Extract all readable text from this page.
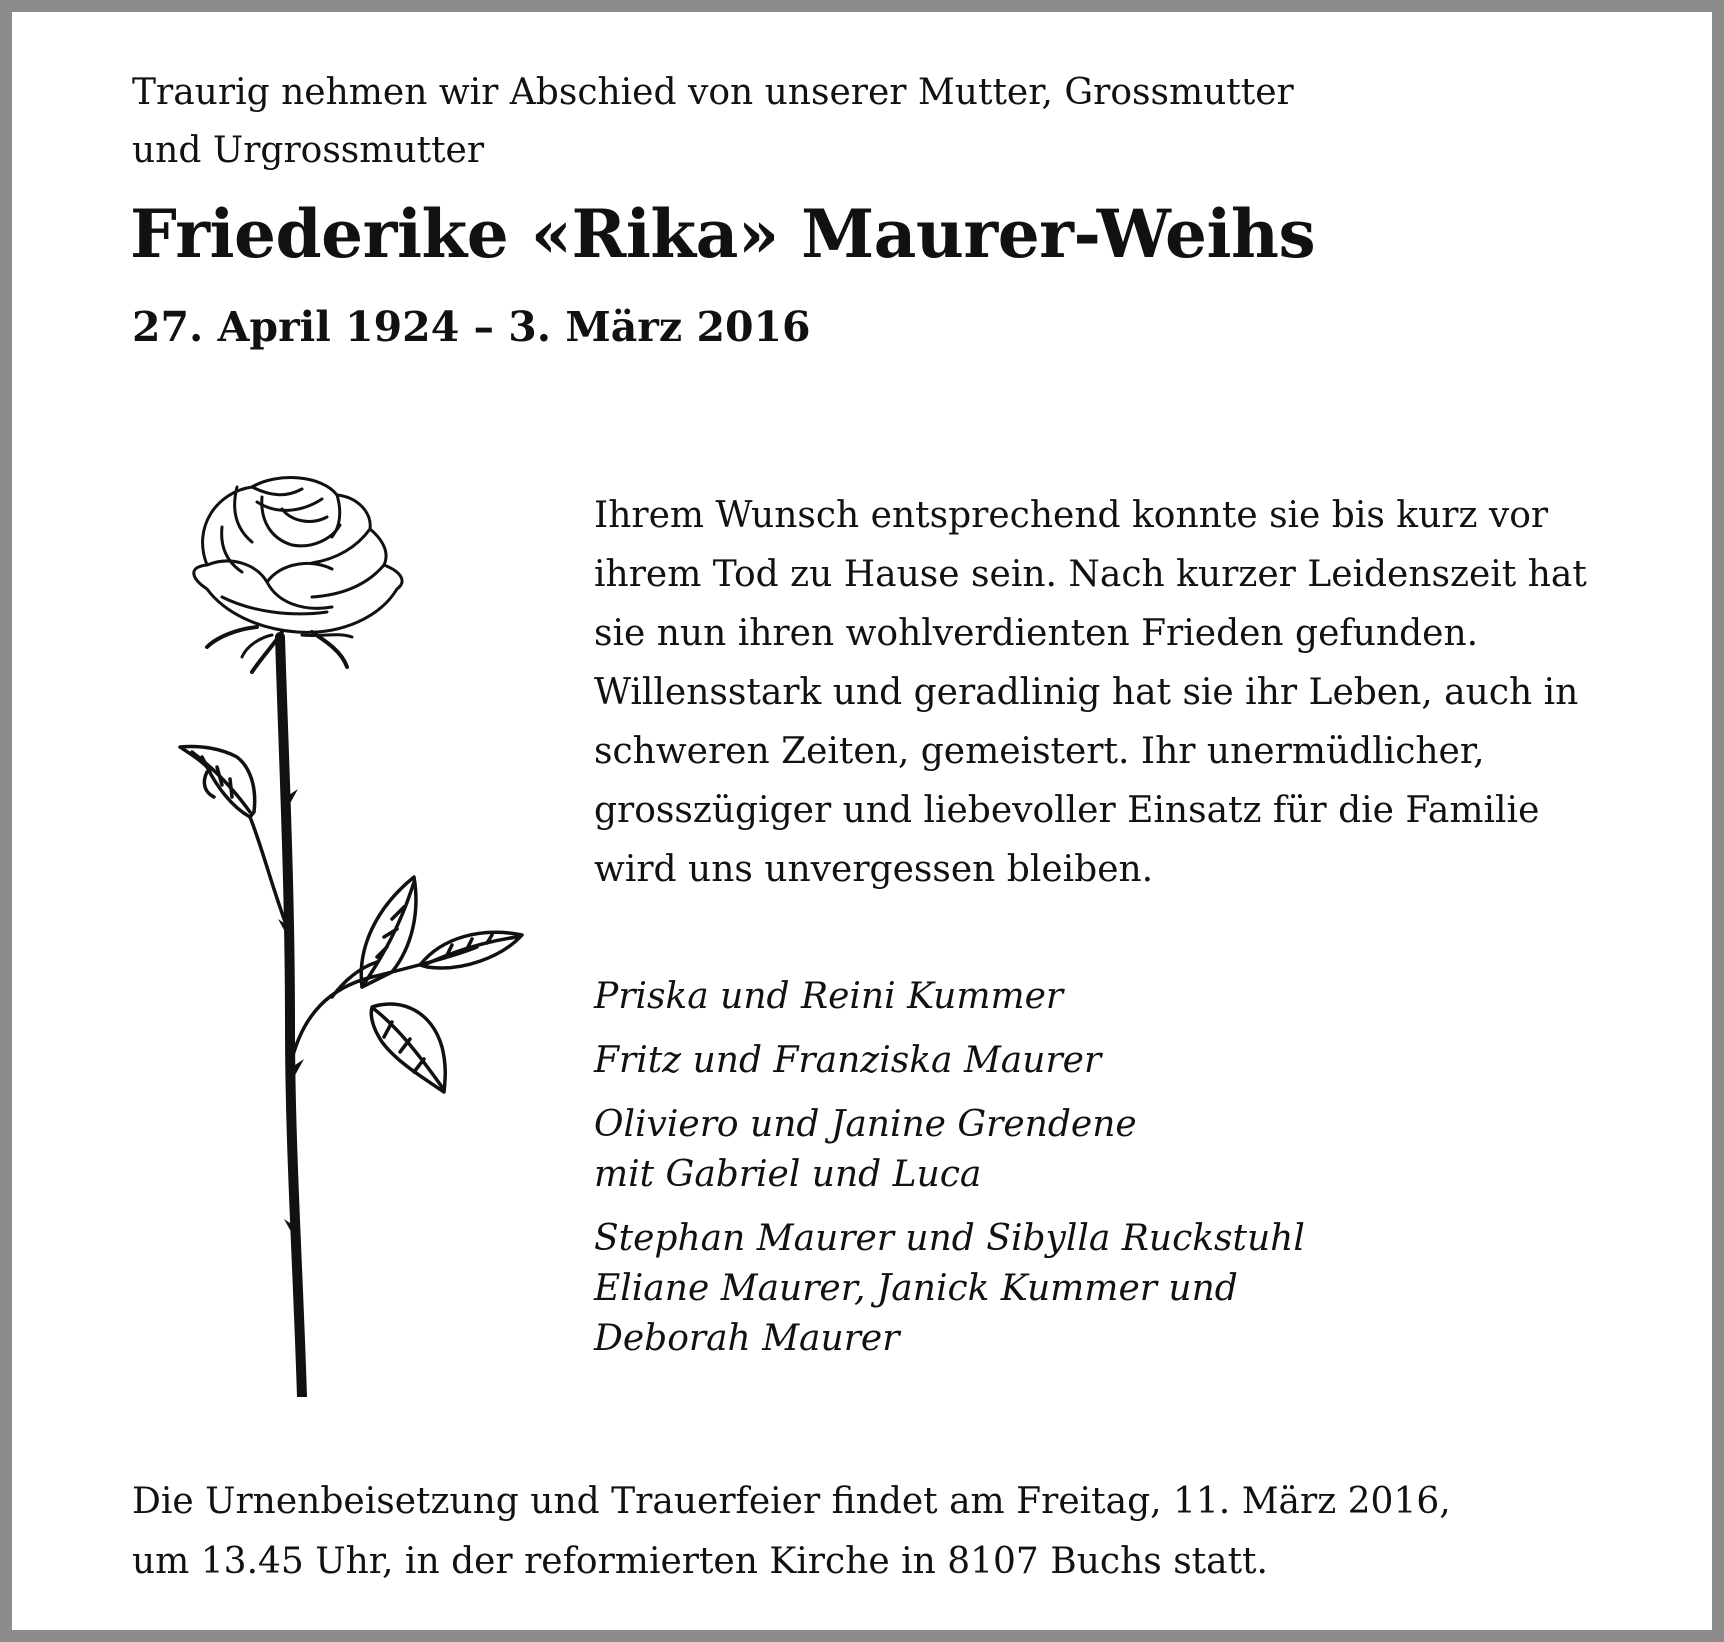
Traurig nehmen wir Abschied von unserer Mutter, Grossmutter
und Urgrossmutter

Friederike «Rika» Maurer-Weihs
27. April 1924 – 3. März 2016

Ihrem Wunsch entsprechend konnte sie bis kurz vor
ihrem Tod zu Hause sein. Nach kurzer Leidenszeit hat
sie nun ihren wohlverdienten Frieden gefunden.
Willensstark und geradlinig hat sie ihr Leben, auch in
schweren Zeiten, gemeistert. Ihr unermüdlicher,
grosszügiger und liebevoller Einsatz für die Familie
wird uns unvergessen bleiben.

Priska und Reini Kummer
Fritz und Franziska Maurer
Oliviero und Janine Grendene
mit Gabriel und Luca
Stephan Maurer und Sibylla Ruckstuhl
Eliane Maurer, Janick Kummer und
Deborah Maurer

Die Urnenbeisetzung und Trauerfeier findet am Freitag, 11. März 2016,
um 13.45 Uhr, in der reformierten Kirche in 8107 Buchs statt.
